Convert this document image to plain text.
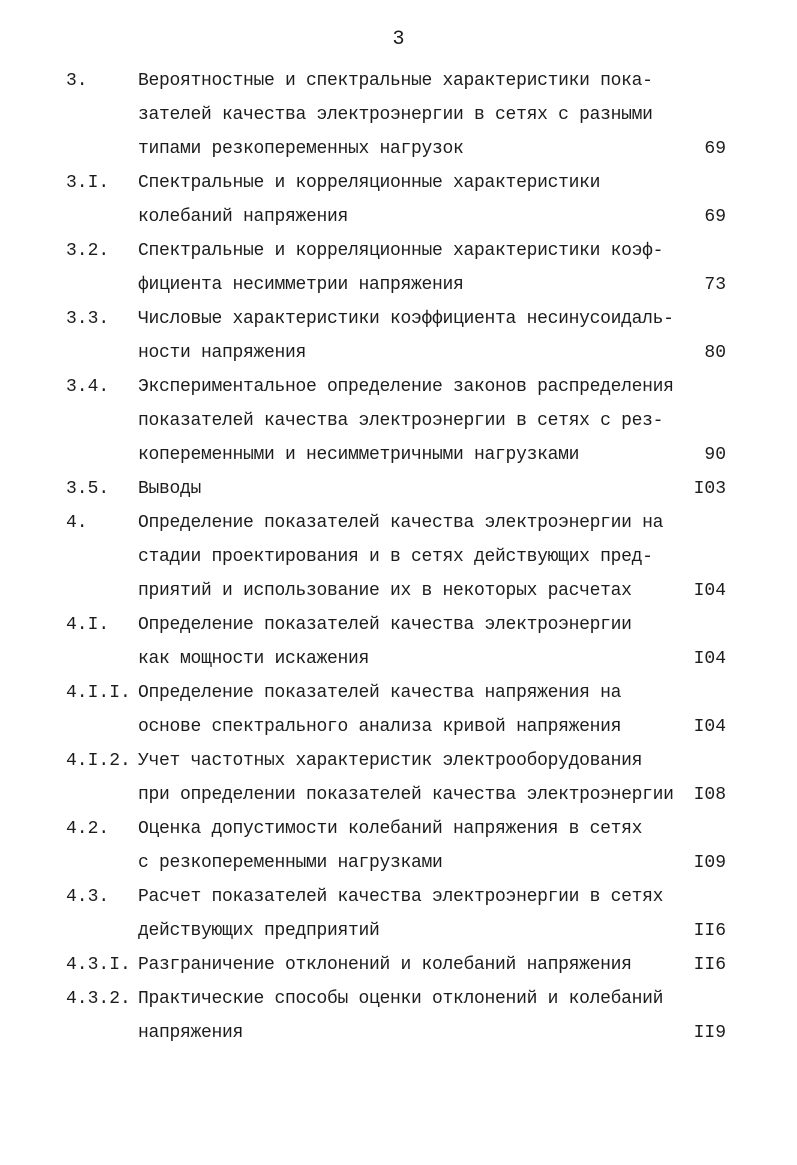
3
3.	Вероятностные и спектральные характеристики пока-
зателей качества электроэнергии в сетях с разными
типами резкопеременных нагрузок	69
3.I. Спектральные и корреляционные характеристики
колебаний напряжения	69
3.2. Спектральные и корреляционные характеристики коэф-
фициента несимметрии напряжения	73
3.3. Числовые характеристики коэффициента несинусоидаль-
ности напряжения	80
3.4. Экспериментальное определение законов распределения
показателей качества электроэнергии в сетях с рез-
копеременными и несимметричными нагрузками	90
3.5. Выводы	I03
4.	Определение показателей качества электроэнергии на
стадии проектирования и в сетях действующих пред-
приятий и использование их в некоторых расчетах	I04
4.I. Определение показателей качества электроэнергии
как мощности искажения	I04
4.I.I. Определение показателей качества напряжения на
основе спектрального анализа кривой напряжения	I04
4.I.2. Учет частотных характеристик электрооборудования
при определении показателей качества электроэнергии I08
4.2. Оценка допустимости колебаний напряжения в сетях
с резкопеременными нагрузками	I09
4.3. Расчет показателей качества электроэнергии в сетях
действующих предприятий	II6
4.3.I. Разграничение отклонений и колебаний напряжения	II6
4.3.2. Практические способы оценки отклонений и колебаний
напряжения	II9
